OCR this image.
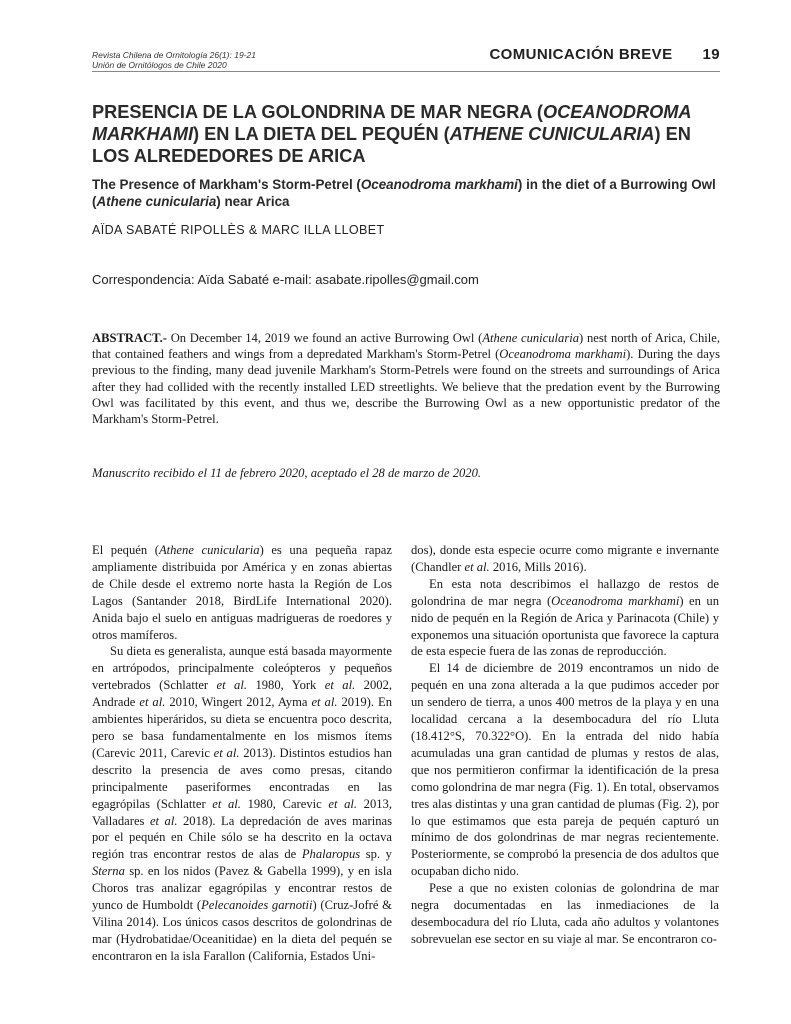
Revista Chilena de Ornitología 26(1): 19-21
Unión de Ornitólogos de Chile 2020
COMUNICACIÓN BREVE 19
PRESENCIA DE LA GOLONDRINA DE MAR NEGRA (OCEANODROMA MARKHAMI) EN LA DIETA DEL PEQUÉN (ATHENE CUNICULARIA) EN LOS ALREDEDORES DE ARICA
The Presence of Markham's Storm-Petrel (Oceanodroma markhami) in the diet of a Burrowing Owl (Athene cunicularia) near Arica
AÏDA SABATÉ RIPOLLÈS & MARC ILLA LLOBET
Correspondencia: Aïda Sabaté e-mail: asabate.ripolles@gmail.com
ABSTRACT.- On December 14, 2019 we found an active Burrowing Owl (Athene cunicularia) nest north of Arica, Chile, that contained feathers and wings from a depredated Markham's Storm-Petrel (Oceanodroma markhami). During the days previous to the finding, many dead juvenile Markham's Storm-Petrels were found on the streets and surroundings of Arica after they had collided with the recently installed LED streetlights. We believe that the predation event by the Burrowing Owl was facilitated by this event, and thus we, describe the Burrowing Owl as a new opportunistic predator of the Markham's Storm-Petrel.
Manuscrito recibido el 11 de febrero 2020, aceptado el 28 de marzo de 2020.

El pequén (Athene cunicularia) es una pequeña rapaz ampliamente distribuida por América y en zonas abiertas de Chile desde el extremo norte hasta la Región de Los Lagos (Santander 2018, BirdLife International 2020). Anida bajo el suelo en antiguas madrigueras de roedores y otros mamíferos.

Su dieta es generalista, aunque está basada mayormente en artrópodos, principalmente coleópteros y pequeños vertebrados (Schlatter et al. 1980, York et al. 2002, Andrade et al. 2010, Wingert 2012, Ayma et al. 2019). En ambientes hiperáridos, su dieta se encuentra poco descrita, pero se basa fundamentalmente en los mismos ítems (Carevic 2011, Carevic et al. 2013). Distintos estudios han descrito la presencia de aves como presas, citando principalmente paseriformes encontradas en las egagrópilas (Schlatter et al. 1980, Carevic et al. 2013, Valladares et al. 2018). La depredación de aves marinas por el pequén en Chile sólo se ha descrito en la octava región tras encontrar restos de alas de Phalaropus sp. y Sterna sp. en los nidos (Pavez & Gabella 1999), y en isla Choros tras analizar egagrópilas y encontrar restos de yunco de Humboldt (Pelecanoides garnotii) (Cruz-Jofré & Vilina 2014). Los únicos casos descritos de golondrinas de mar (Hydrobatidae/Oceanitidae) en la dieta del pequén se encontraron en la isla Farallon (California, Estados Uni-

dos), donde esta especie ocurre como migrante e invernante (Chandler et al. 2016, Mills 2016).

En esta nota describimos el hallazgo de restos de golondrina de mar negra (Oceanodroma markhami) en un nido de pequén en la Región de Arica y Parinacota (Chile) y exponemos una situación oportunista que favorece la captura de esta especie fuera de las zonas de reproducción.

El 14 de diciembre de 2019 encontramos un nido de pequén en una zona alterada a la que pudimos acceder por un sendero de tierra, a unos 400 metros de la playa y en una localidad cercana a la desembocadura del río Lluta (18.412°S, 70.322°O). En la entrada del nido había acumuladas una gran cantidad de plumas y restos de alas, que nos permitieron confirmar la identificación de la presa como golondrina de mar negra (Fig. 1). En total, observamos tres alas distintas y una gran cantidad de plumas (Fig. 2), por lo que estimamos que esta pareja de pequén capturó un mínimo de dos golondrinas de mar negras recientemente. Posteriormente, se comprobó la presencia de dos adultos que ocupaban dicho nido.

Pese a que no existen colonias de golondrina de mar negra documentadas en las inmediaciones de la desembocadura del río Lluta, cada año adultos y volantones sobrevuelan ese sector en su viaje al mar. Se encontraron co-
